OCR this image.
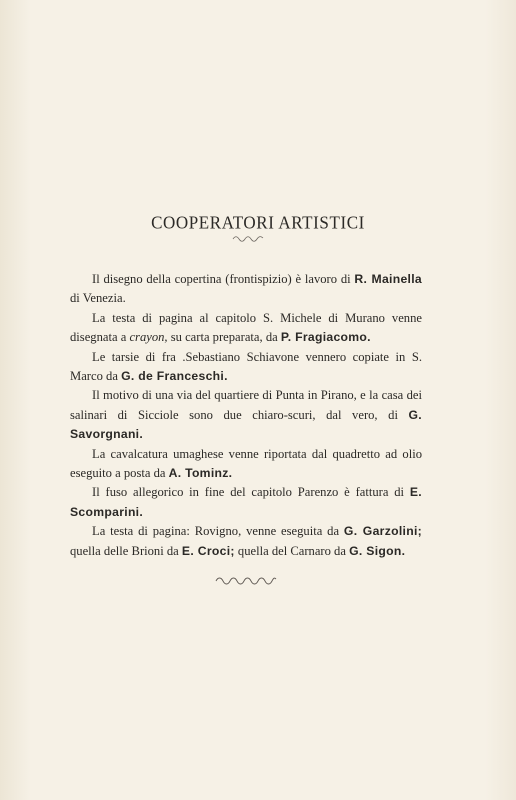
COOPERATORI ARTISTICI

Il disegno della copertina (frontispizio) è lavoro di R. Mainella di Venezia.

La testa di pagina al capitolo S. Michele di Murano venne disegnata a crayon, su carta preparata, da P. Fragiacomo.

Le tarsie di fra .Sebastiano Schiavone vennero copiate in S. Marco da G. de Franceschi.

Il motivo di una via del quartiere di Punta in Pirano, e la casa dei salinari di Sicciole sono due chiaro-scuri, dal vero, di G. Savorgnani.

La cavalcatura umaghese venne riportata dal quadretto ad olio eseguito a posta da A. Tominz.

Il fuso allegorico in fine del capitolo Parenzo è fattura di E. Scomparini.

La testa di pagina: Rovigno, venne eseguita da G. Garzolini; quella delle Brioni da E. Croci; quella del Carnaro da G. Sigon.
